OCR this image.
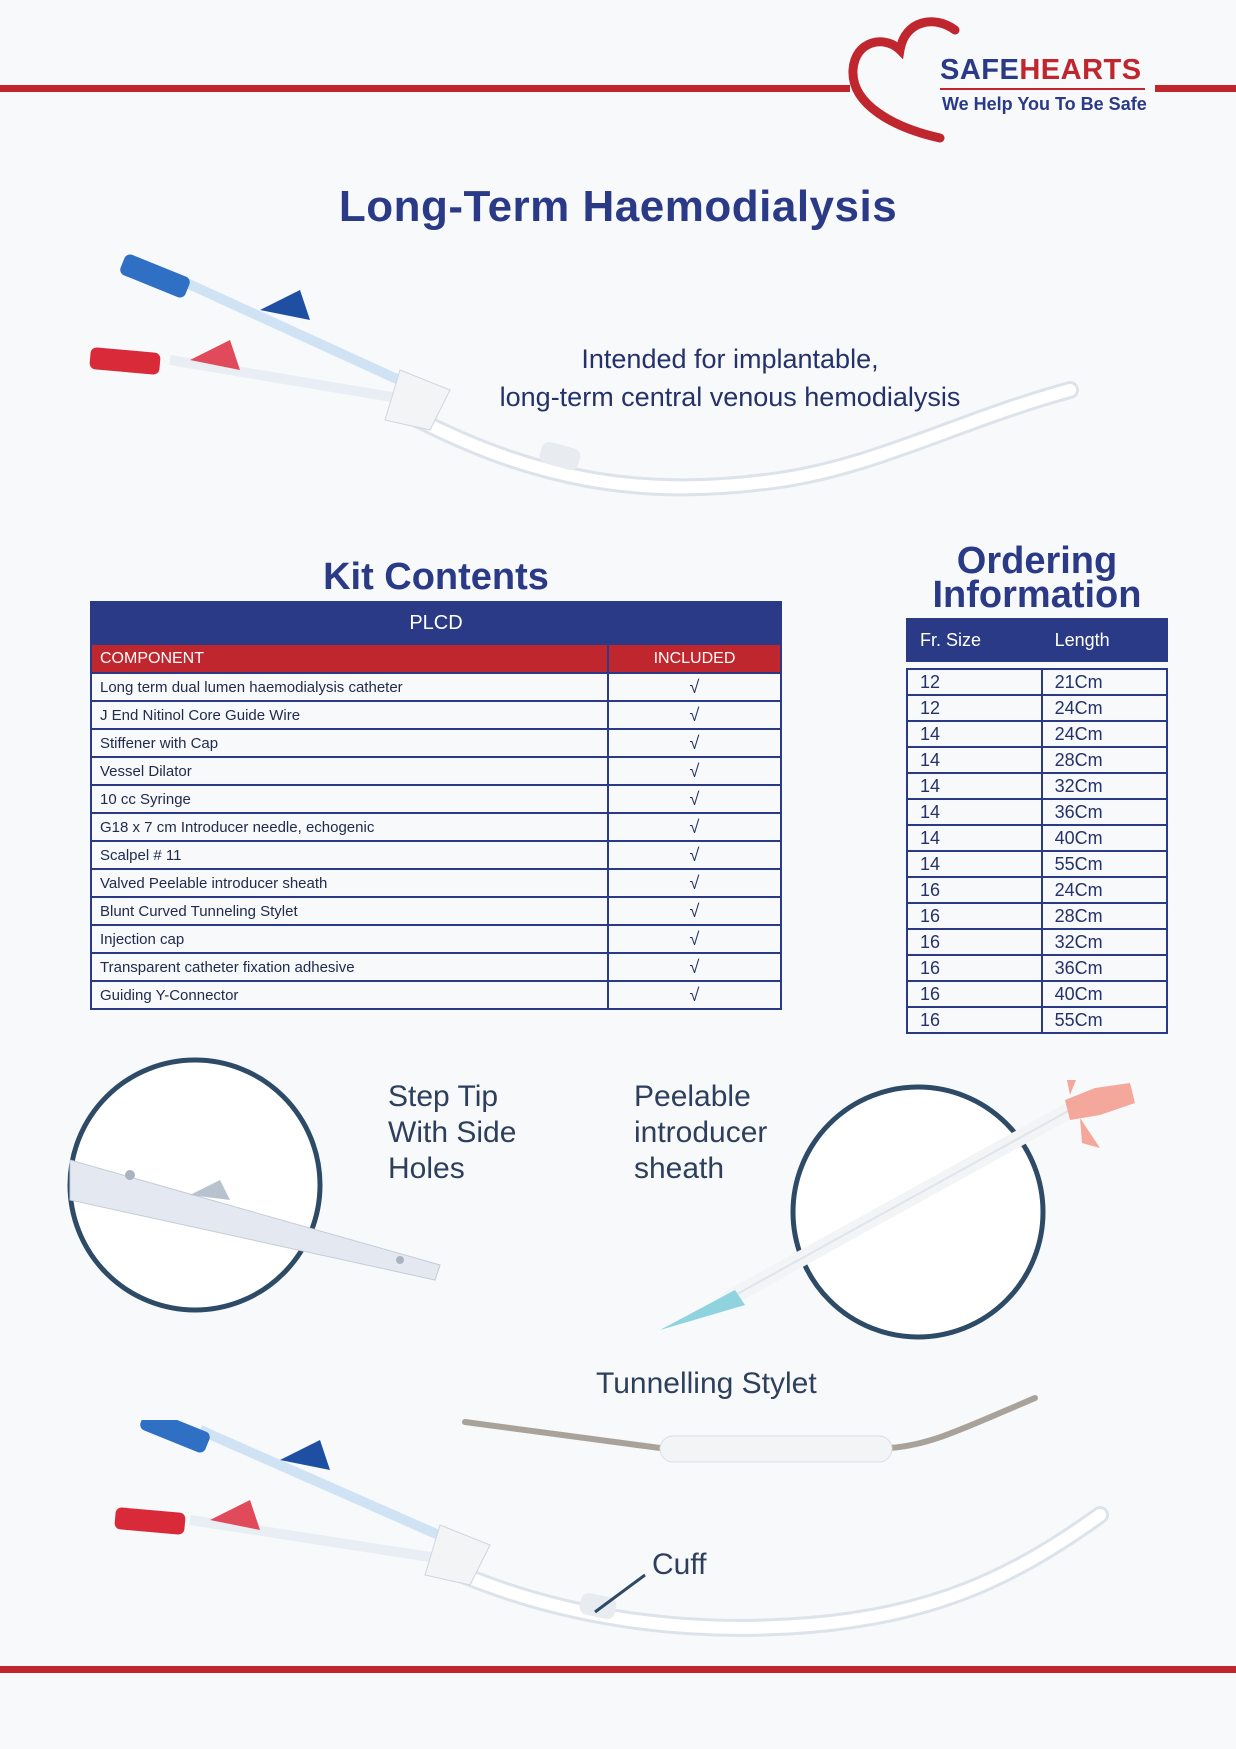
SAFEHEARTS
We Help You To Be Safe
Long-Term Haemodialysis
Intended for implantable,
long-term central venous hemodialysis
Kit Contents
PLCD	
COMPONENT	INCLUDED
Long term dual lumen haemodialysis catheter	√
J End Nitinol Core Guide Wire	√
Stiffener with Cap	√
Vessel Dilator	√
10 cc Syringe	√
G18 x 7 cm Introducer needle, echogenic	√
Scalpel # 11	√
Valved Peelable introducer sheath	√
Blunt Curved Tunneling Stylet	√
Injection cap	√
Transparent catheter fixation adhesive	√
Guiding Y-Connector	√
Ordering
Information
Fr. Size	Length

12	21Cm
12	24Cm
14	24Cm
14	28Cm
14	32Cm
14	36Cm
14	40Cm
14	55Cm
16	24Cm
16	28Cm
16	32Cm
16	36Cm
16	40Cm
16	55Cm
Step Tip
With Side
Holes
Peelable
introducer
sheath
Tunnelling Stylet
Cuff
